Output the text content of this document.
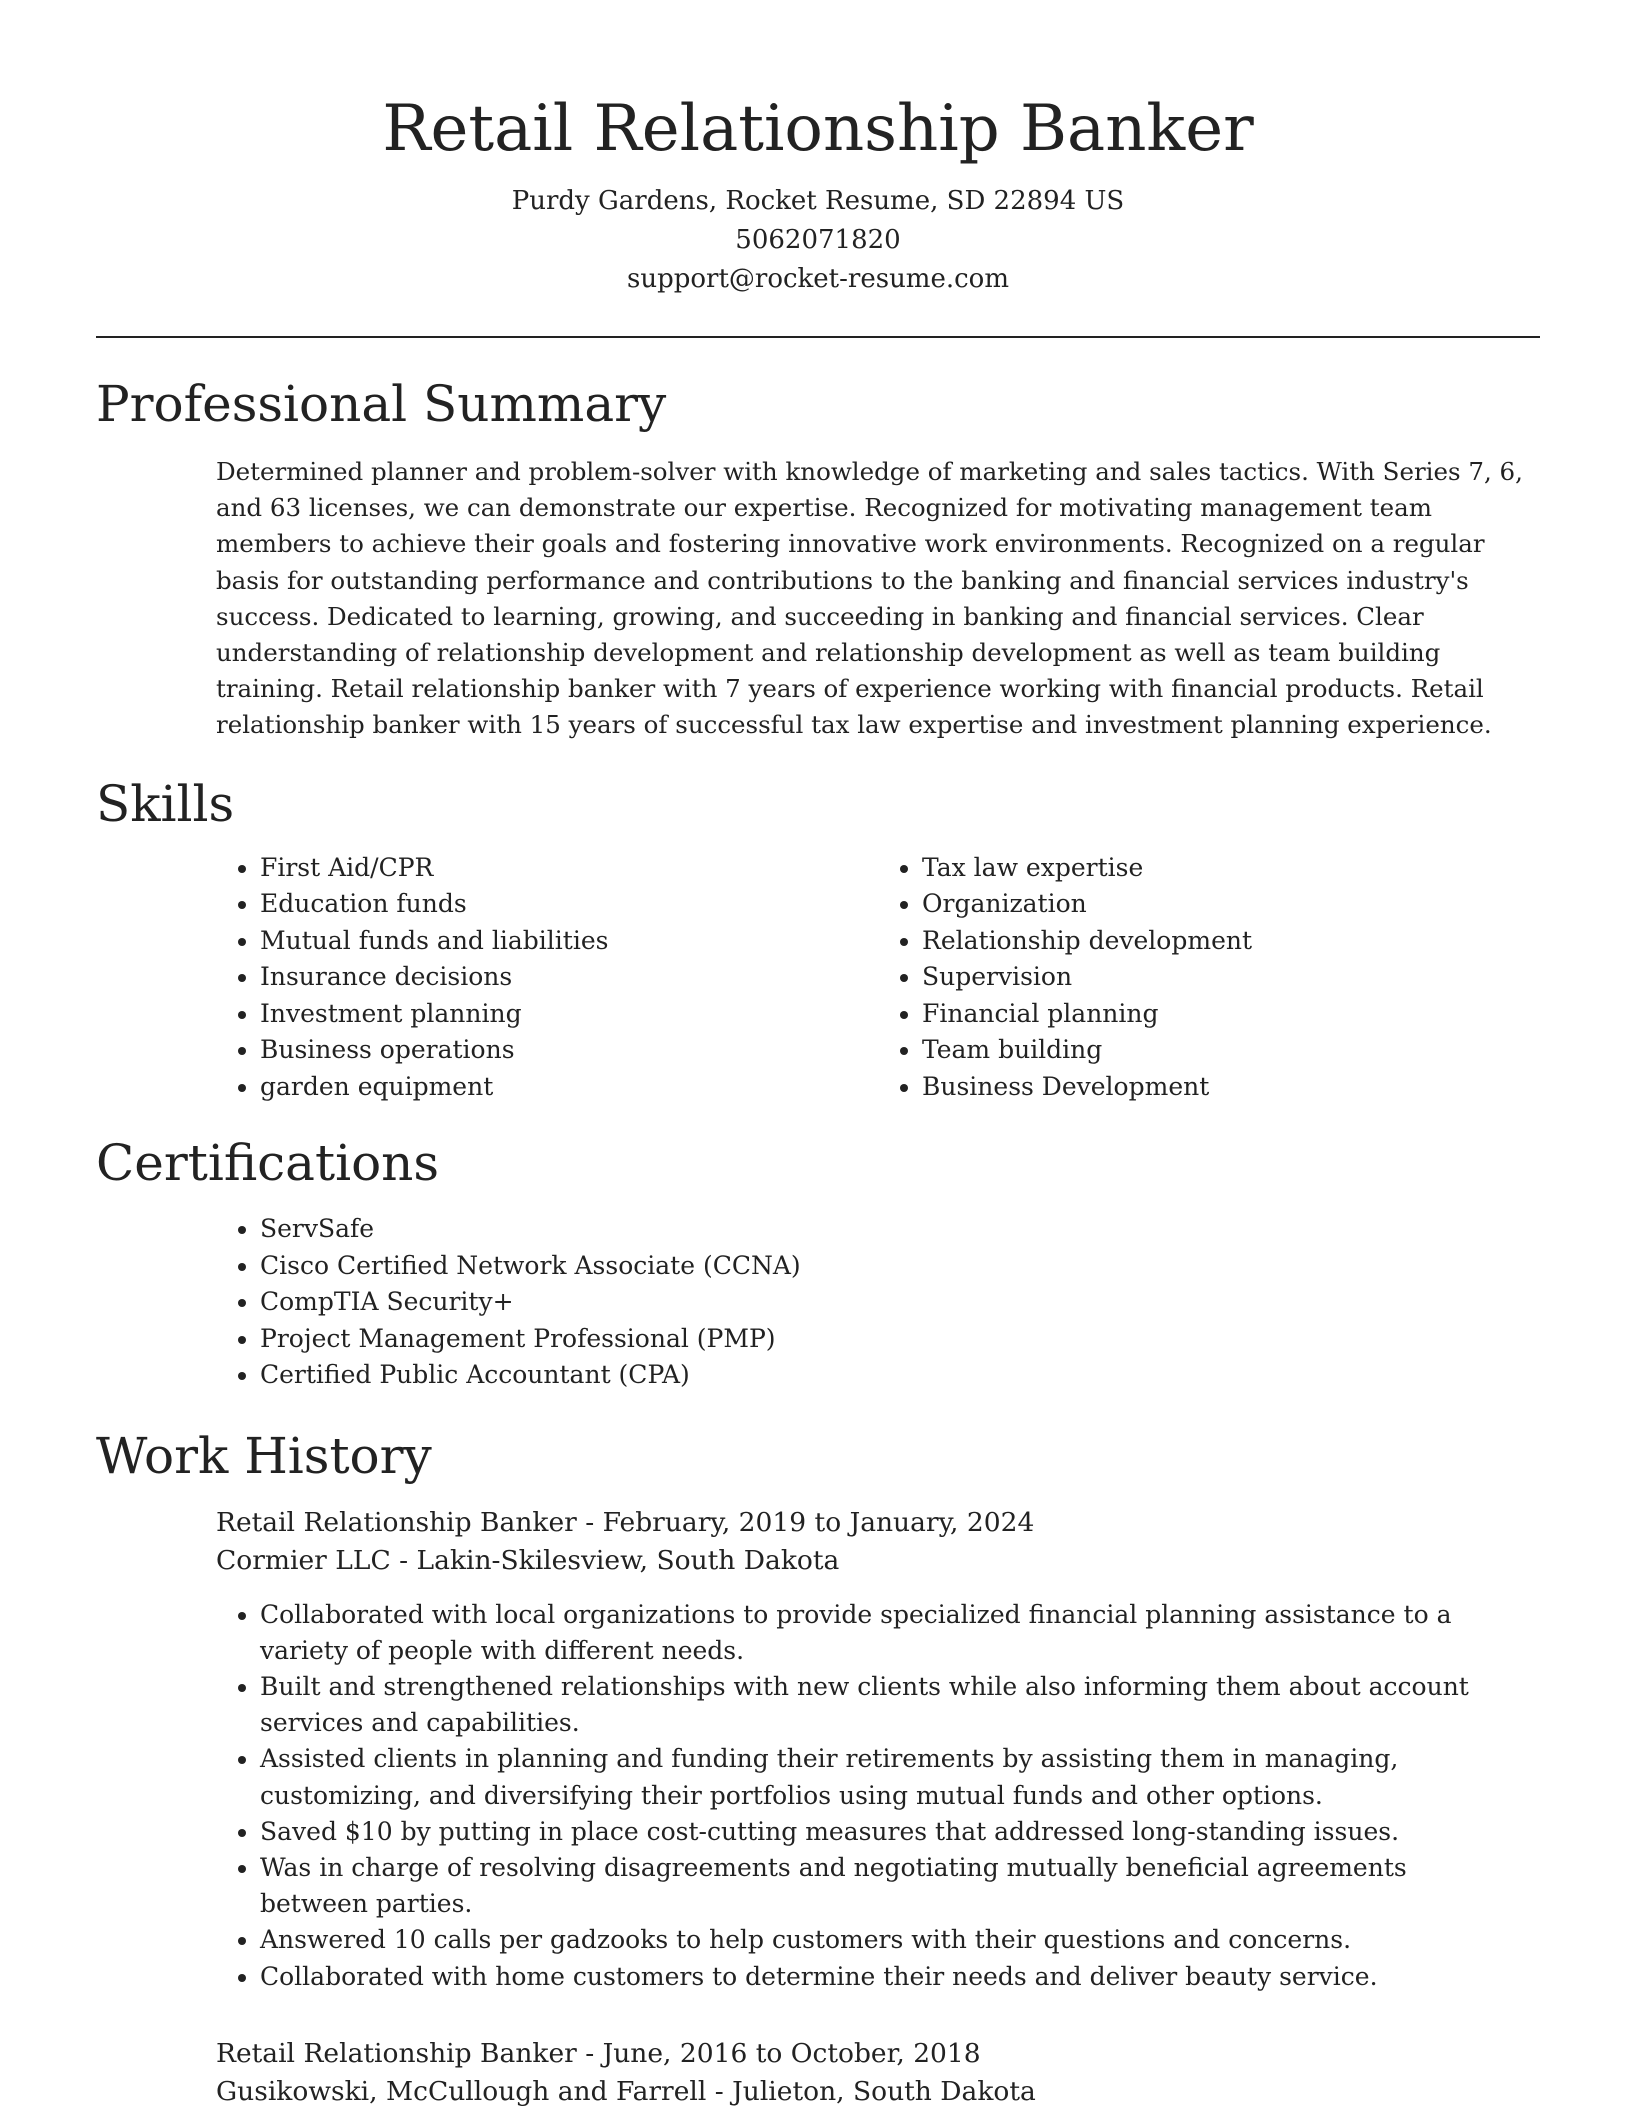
Retail Relationship Banker
Purdy Gardens, Rocket Resume, SD 22894 US
5062071820
support@rocket-resume.com
Professional Summary
Determined planner and problem-solver with knowledge of marketing and sales tactics. With Series 7, 6, and 63 licenses, we can demonstrate our expertise. Recognized for motivating management team members to achieve their goals and fostering innovative work environments. Recognized on a regular basis for outstanding performance and contributions to the banking and financial services industry's success. Dedicated to learning, growing, and succeeding in banking and financial services. Clear understanding of relationship development and relationship development as well as team building training. Retail relationship banker with 7 years of experience working with financial products. Retail relationship banker with 15 years of successful tax law expertise and investment planning experience.
Skills
• First Aid/CPR
• Education funds
• Mutual funds and liabilities
• Insurance decisions
• Investment planning
• Business operations
• garden equipment
• Tax law expertise
• Organization
• Relationship development
• Supervision
• Financial planning
• Team building
• Business Development
Certifications
• ServSafe
• Cisco Certified Network Associate (CCNA)
• CompTIA Security+
• Project Management Professional (PMP)
• Certified Public Accountant (CPA)
Work History
Retail Relationship Banker - February, 2019 to January, 2024
Cormier LLC - Lakin-Skilesview, South Dakota
• Collaborated with local organizations to provide specialized financial planning assistance to a variety of people with different needs.
• Built and strengthened relationships with new clients while also informing them about account services and capabilities.
• Assisted clients in planning and funding their retirements by assisting them in managing, customizing, and diversifying their portfolios using mutual funds and other options.
• Saved $10 by putting in place cost-cutting measures that addressed long-standing issues.
• Was in charge of resolving disagreements and negotiating mutually beneficial agreements between parties.
• Answered 10 calls per gadzooks to help customers with their questions and concerns.
• Collaborated with home customers to determine their needs and deliver beauty service.
Retail Relationship Banker - June, 2016 to October, 2018
Gusikowski, McCullough and Farrell - Julieton, South Dakota
